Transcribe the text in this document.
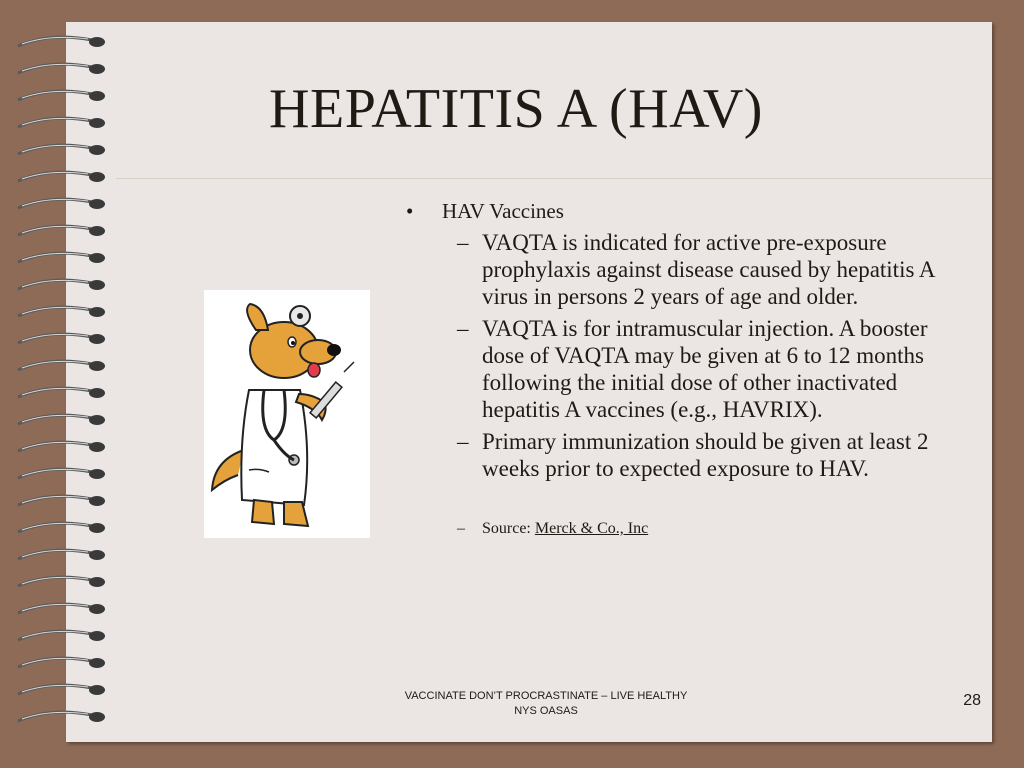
HEPATITIS A (HAV)
•	HAV Vaccines
– VAQTA is indicated for active pre-exposure prophylaxis against disease caused by hepatitis A virus in persons 2 years of age and older.
– VAQTA is for intramuscular injection. A booster dose of VAQTA may be given at 6 to 12 months following the initial dose of other inactivated hepatitis A vaccines (e.g., HAVRIX).
– Primary immunization should be given at least 2 weeks prior to expected exposure to HAV.
–	Source: Merck & Co., Inc
VACCINATE DON’T PROCRASTINATE – LIVE HEALTHY
NYS OASAS
28
